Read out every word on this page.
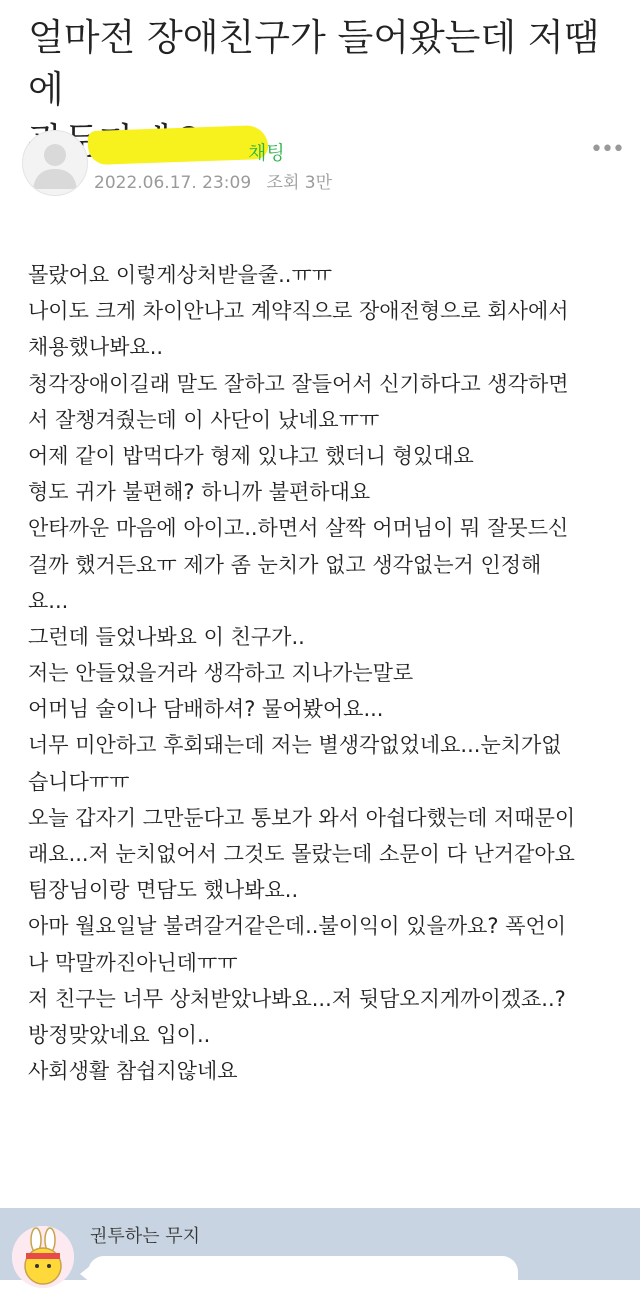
얼마전 장애친구가 들어왔는데 저땜에
채팅
2022.06.17. 23:09 조회 3만
•••
몰랐어요 이렇게상처받을줄..ㅠㅠ
나이도 크게 차이안나고 계약직으로 장애전형으로 회사에서
채용했나봐요..
청각장애이길래 말도 잘하고 잘들어서 신기하다고 생각하면
서 잘챙겨줬는데 이 사단이 났네요ㅠㅠ
어제 같이 밥먹다가 형제 있냐고 했더니 형있대요
형도 귀가 불편해? 하니까 불편하대요
안타까운 마음에 아이고..하면서 살짝 어머님이 뭐 잘못드신
걸까 했거든요ㅠ 제가 좀 눈치가 없고 생각없는거 인정해
요...
그런데 들었나봐요 이 친구가..
저는 안들었을거라 생각하고 지나가는말로
어머님 술이나 담배하셔? 물어봤어요...
너무 미안하고 후회돼는데 저는 별생각없었네요...눈치가없
습니다ㅠㅠ
오늘 갑자기 그만둔다고 통보가 와서 아쉽다했는데 저때문이
래요...저 눈치없어서 그것도 몰랐는데 소문이 다 난거같아요
팀장님이랑 면담도 했나봐요..
아마 월요일날 불려갈거같은데..불이익이 있을까요? 폭언이
나 막말까진아닌데ㅠㅠ
저 친구는 너무 상처받았나봐요...저 뒷담오지게까이겠죠..?
방정맞았네요 입이..
사회생활 참쉽지않네요
권투하는 무지
